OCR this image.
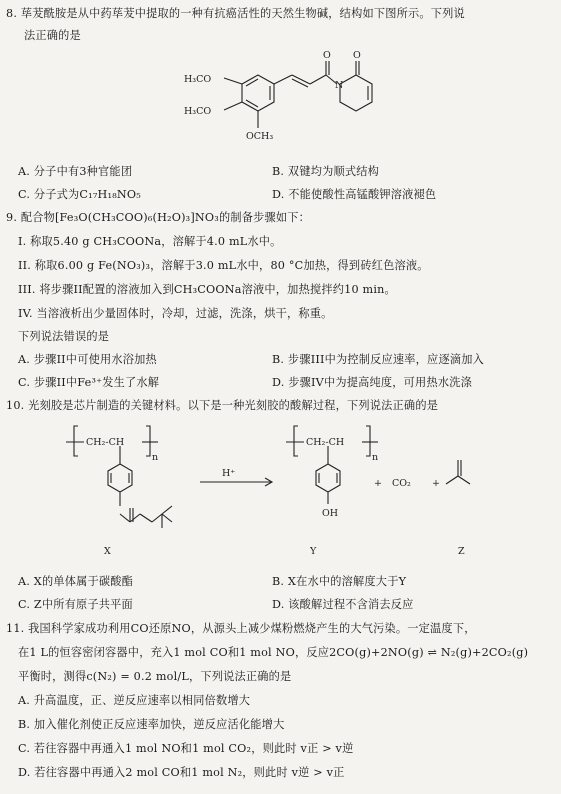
8. 荜茇酰胺是从中药荜茇中提取的一种有抗癌活性的天然生物碱，结构如下图所示。下列说
法正确的是
H₃CO
H₃CO
OCH₃
O O
N
A. 分子中有3种官能团	B. 双键均为顺式结构
C. 分子式为C₁₇H₁₈NO₅	D. 不能使酸性高锰酸钾溶液褪色
9. 配合物[Fe₃O(CH₃COO)₆(H₂O)₃]NO₃的制备步骤如下：
I. 称取5.40 g CH₃COONa，溶解于4.0 mL水中。
II. 称取6.00 g Fe(NO₃)₃，溶解于3.0 mL水中，80 °C加热，得到砖红色溶液。
III. 将步骤II配置的溶液加入到CH₃COONa溶液中，加热搅拌约10 min。
IV. 当溶液析出少量固体时，冷却，过滤，洗涤，烘干，称重。
下列说法错误的是
A. 步骤II中可使用水浴加热	B. 步骤III中为控制反应速率，应逐滴加入
C. 步骤II中Fe³⁺发生了水解	D. 步骤IV中为提高纯度，可用热水洗涤
10. 光刻胶是芯片制造的关键材料。以下是一种光刻胶的酸解过程，下列说法正确的是
CH₂-CH
n
H⁺
CH₂-CH
n
OH
+ CO₂ +
X	Y	Z
A. X的单体属于碳酸酯	B. X在水中的溶解度大于Y
C. Z中所有原子共平面	D. 该酸解过程不含消去反应
11. 我国科学家成功利用CO还原NO，从源头上减少煤粉燃烧产生的大气污染。一定温度下，
在1 L的恒容密闭容器中，充入1 mol CO和1 mol NO，反应2CO(g)+2NO(g) ⇌ N₂(g)+2CO₂(g)
平衡时，测得c(N₂) = 0.2 mol/L，下列说法正确的是
A. 升高温度，正、逆反应速率以相同倍数增大
B. 加入催化剂使正反应速率加快，逆反应活化能增大
C. 若往容器中再通入1 mol NO和1 mol CO₂，则此时 v正 > v逆
D. 若往容器中再通入2 mol CO和1 mol N₂，则此时 v逆 > v正
